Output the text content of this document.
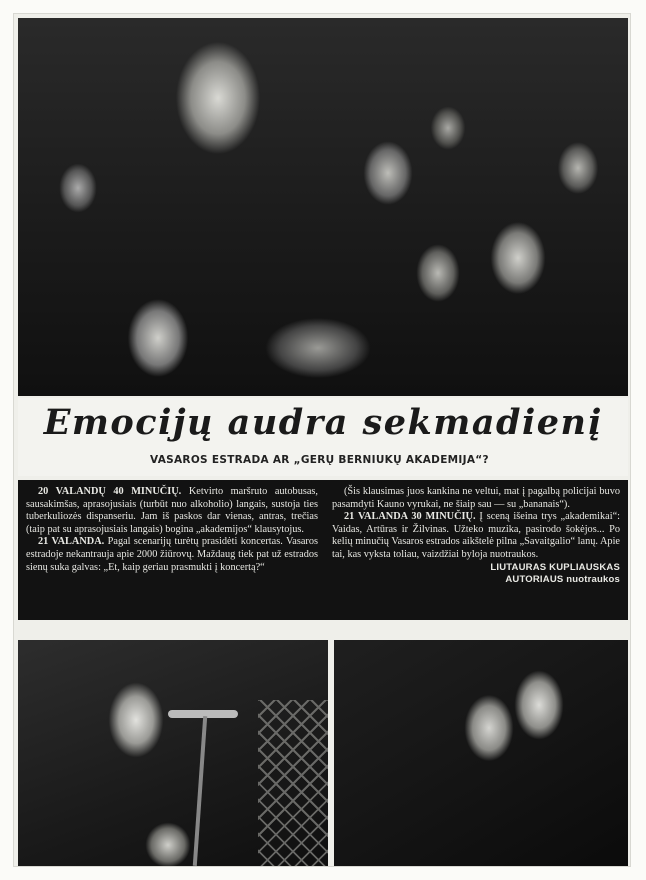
Emocijų audra sekmadienį
VASAROS ESTRADA AR „GERŲ BERNIUKŲ AKADEMIJA“?

20 VALANDŲ 40 MINUČIŲ. Ketvirto maršruto autobusas, sausakimšas, aprasojusiais (turbūt nuo alkoholio) langais, sustoja ties tuberkuliozės dispanseriu. Jam iš paskos dar vienas, antras, trečias (taip pat su aprasojusiais langais) bogina „akademijos“ klausytojus.

21 VALANDA. Pagal scenarijų turėtų prasidėti koncertas. Vasaros estradoje nekantrauja apie 2000 žiūrovų. Maždaug tiek pat už estrados sienų suka galvas: „Et, kaip geriau prasmukti į koncertą?“

(Šis klausimas juos kankina ne veltui, mat į pagalbą policijai buvo pasamdyti Kauno vyrukai, ne šiaip sau — su „bananais“).

21 VALANDA 30 MINUČIŲ. Į sceną išeina trys „akademikai“: Vaidas, Artūras ir Žilvinas. Užteko muzika, pasirodo šokėjos... Po kelių minučių Vasaros estrados aikštelė pilna „Savaitgalio“ lanų. Apie tai, kas vyksta toliau, vaizdžiai byloja nuotraukos.

LIUTAURAS KUPLIAUSKAS

AUTORIAUS nuotraukos
